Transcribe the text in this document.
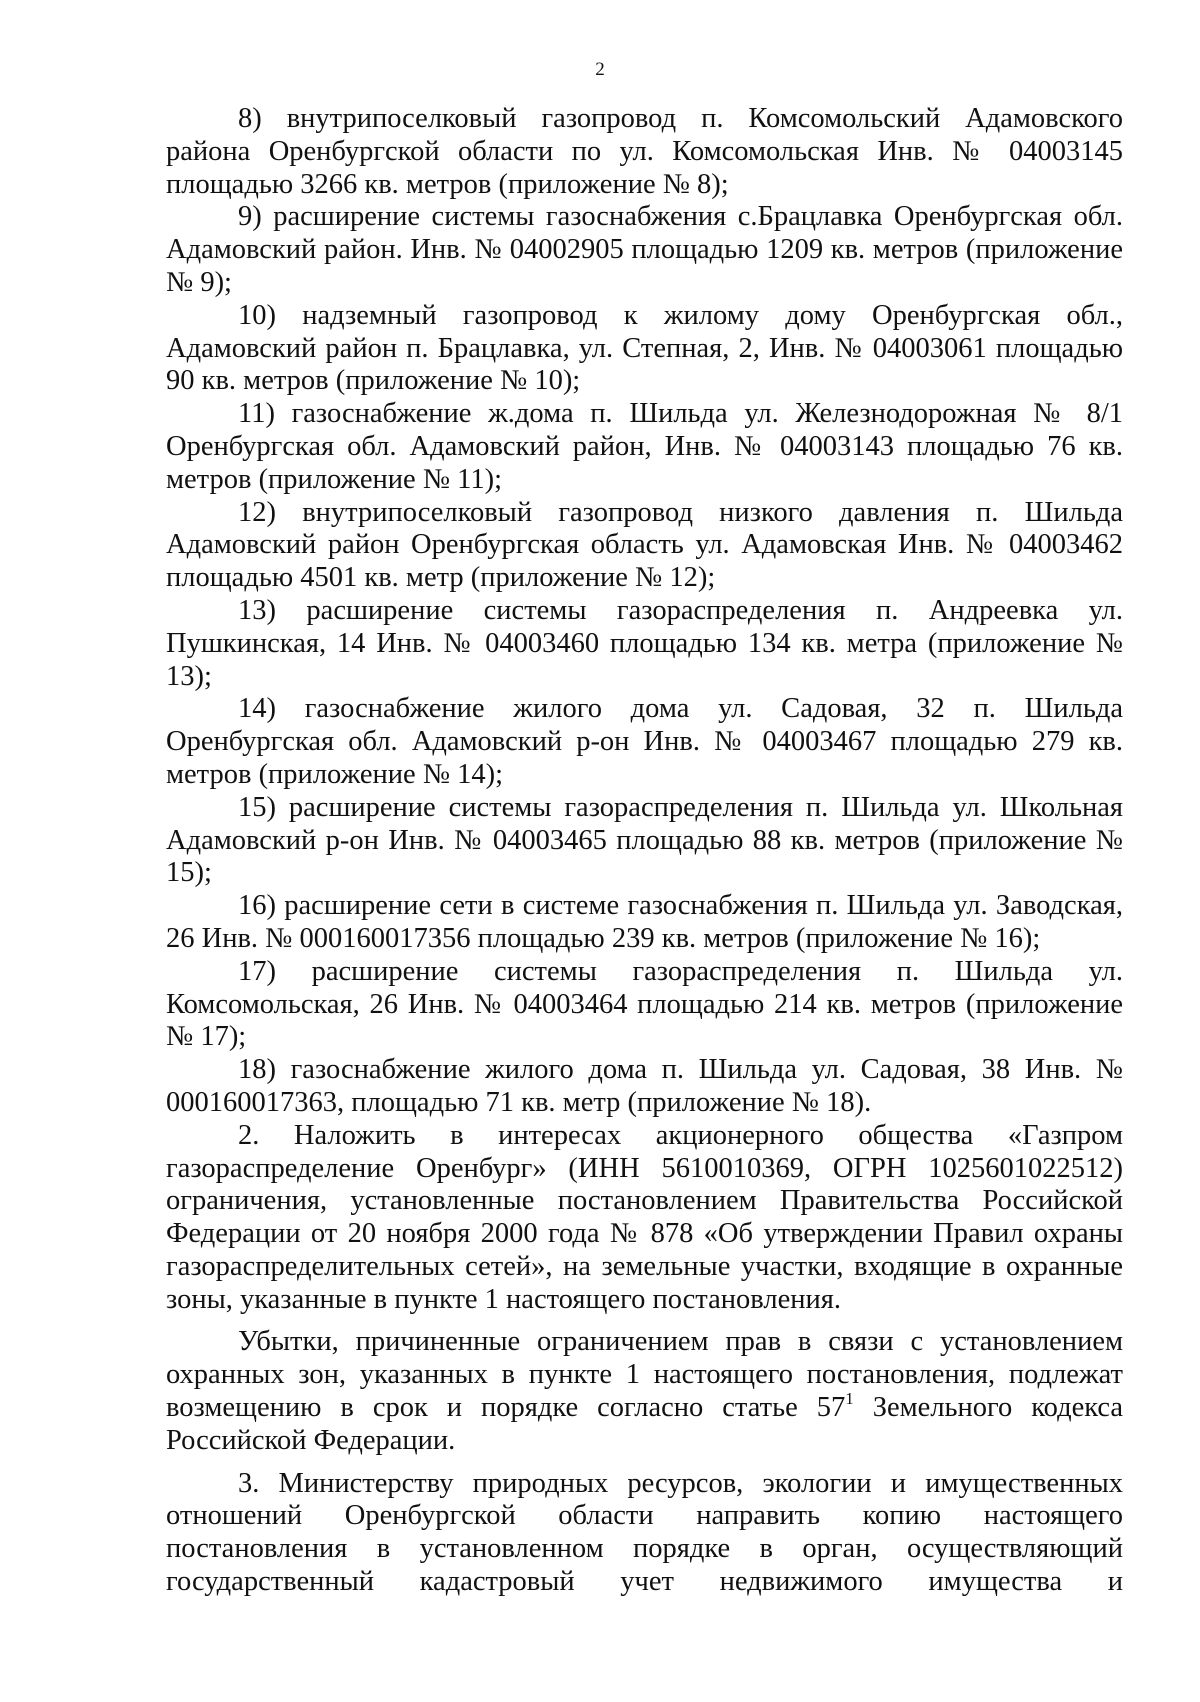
2

8) внутрипоселковый газопровод п. Комсомольский Адамовского района Оренбургской области по ул. Комсомольская Инв. № 04003145 площадью 3266 кв. метров (приложение № 8);

9) расширение системы газоснабжения с.Брацлавка Оренбургская обл. Адамовский район. Инв. № 04002905 площадью 1209 кв. метров (приложение № 9);

10) надземный газопровод к жилому дому Оренбургская обл., Адамовский район п. Брацлавка, ул. Степная, 2, Инв. № 04003061 площадью 90 кв. метров (приложение № 10);

11) газоснабжение ж.дома п. Шильда ул. Железнодорожная № 8/1 Оренбургская обл. Адамовский район, Инв. № 04003143 площадью 76 кв. метров (приложение № 11);

12) внутрипоселковый газопровод низкого давления п. Шильда Адамовский район Оренбургская область ул. Адамовская Инв. № 04003462 площадью 4501 кв. метр (приложение № 12);

13) расширение системы газораспределения п. Андреевка ул. Пушкинская, 14 Инв. № 04003460 площадью 134 кв. метра (приложение № 13);

14) газоснабжение жилого дома ул. Садовая, 32 п. Шильда Оренбургская обл. Адамовский р-он Инв. № 04003467 площадью 279 кв. метров (приложение № 14);

15) расширение системы газораспределения п. Шильда ул. Школьная Адамовский р-он Инв. № 04003465 площадью 88 кв. метров (приложение № 15);

16) расширение сети в системе газоснабжения п. Шильда ул. Заводская, 26 Инв. № 000160017356 площадью 239 кв. метров (приложение № 16);

17) расширение системы газораспределения п. Шильда ул. Комсомольская, 26 Инв. № 04003464 площадью 214 кв. метров (приложение № 17);

18) газоснабжение жилого дома п. Шильда ул. Садовая, 38 Инв. № 000160017363, площадью 71 кв. метр (приложение № 18).

2. Наложить в интересах акционерного общества «Газпром газораспределение Оренбург» (ИНН 5610010369, ОГРН 1025601022512) ограничения, установленные постановлением Правительства Российской Федерации от 20 ноября 2000 года № 878 «Об утверждении Правил охраны газораспределительных сетей», на земельные участки, входящие в охранные зоны, указанные в пункте 1 настоящего постановления.

Убытки, причиненные ограничением прав в связи с установлением охранных зон, указанных в пункте 1 настоящего постановления, подлежат возмещению в срок и порядке согласно статье $57^1$ Земельного кодекса Российской Федерации.

3. Министерству природных ресурсов, экологии и имущественных отношений Оренбургской области направить копию настоящего постановления в установленном порядке в орган, осуществляющий государственный кадастровый учет недвижимого имущества и
